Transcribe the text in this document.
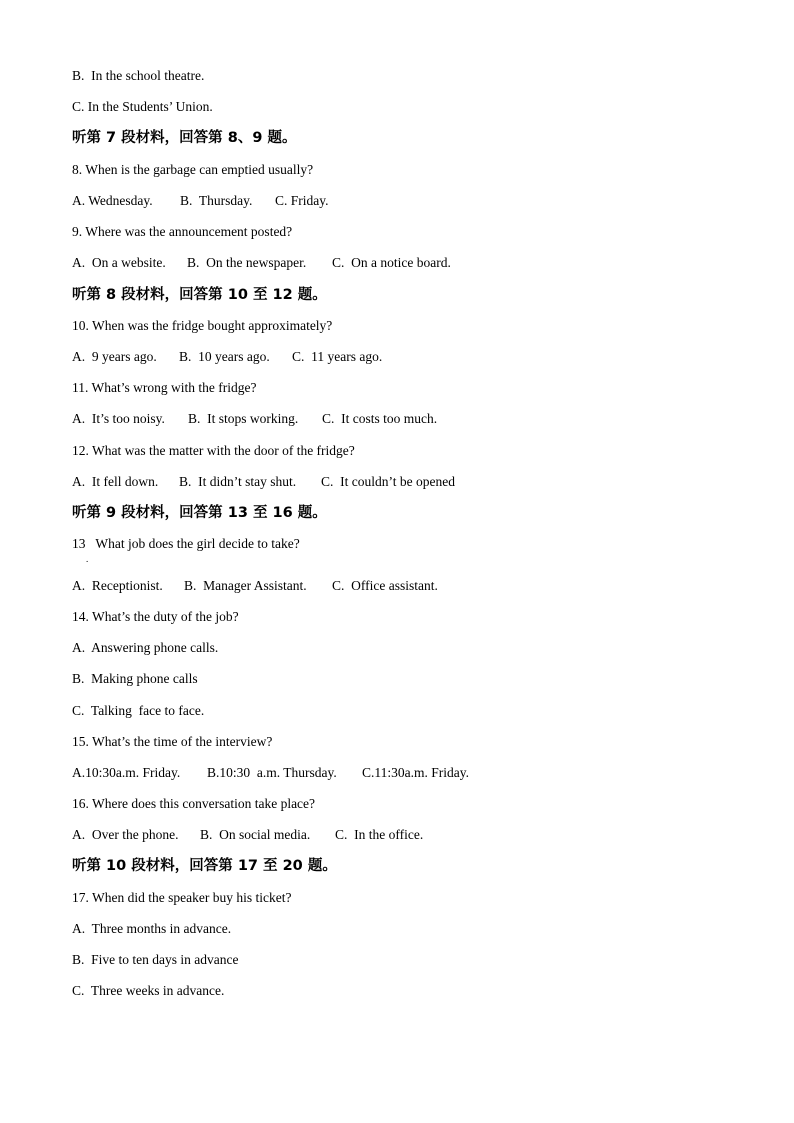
B.  In the school theatre.
C. In the Students’ Union.
听第 7 段材料，回答第 8、9 题。
8. When is the garbage can emptied usually?
A. Wednesday.	B.  Thursday.	C. Friday.
9. Where was the announcement posted?
A.  On a website.	B.  On the newspaper.	C.  On a notice board.
听第 8 段材料，回答第 10 至 12 题。
10. When was the fridge bought approximately?
A.  9 years ago.	B.  10 years ago.	C.  11 years ago.
11. What’s wrong with the fridge?
A.  It’s too noisy.	B.  It stops working.	C.  It costs too much.
12. What was the matter with the door of the fridge?
A.  It fell down.	B.  It didn’t stay shut.	C.  It couldn’t be opened
听第 9 段材料，回答第 13 至 16 题。
13   What job does the girl decide to take?
.
A.  Receptionist.	B.  Manager Assistant.	C.  Office assistant.
14. What’s the duty of the job?
A.  Answering phone calls.
B.  Making phone calls
C.  Talking  face to face.
15. What’s the time of the interview?
A.10:30a.m. Friday.	B.10:30  a.m. Thursday.	C.11:30a.m. Friday.
16. Where does this conversation take place?
A.  Over the phone.	B.  On social media.	C.  In the office.
听第 10 段材料，回答第 17 至 20 题。
17. When did the speaker buy his ticket?
A.  Three months in advance.
B.  Five to ten days in advance
C.  Three weeks in advance.
